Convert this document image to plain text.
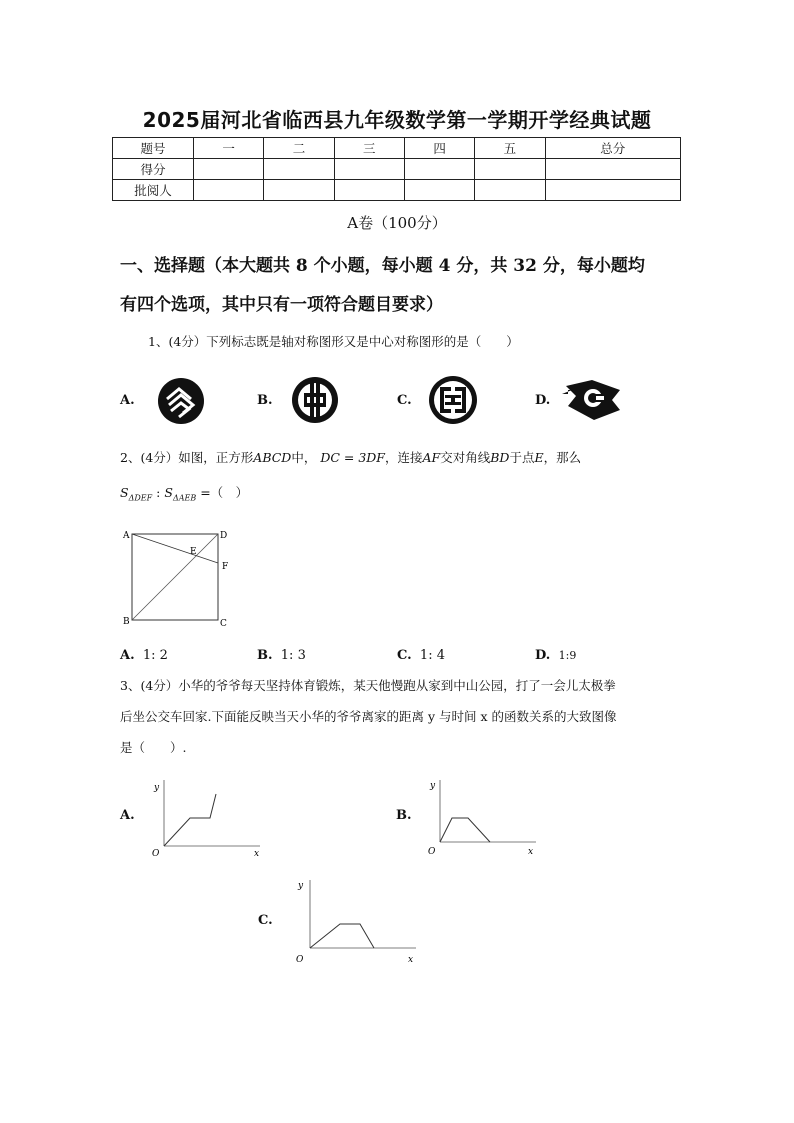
2025届河北省临西县九年级数学第一学期开学经典试题
题号	一	二	三	四	五	总分
得分						
批阅人						
A卷（100分）
一、选择题（本大题共 8 个小题，每小题 4 分，共 32 分，每小题均
有四个选项，其中只有一项符合题目要求）
1、(4分）下列标志既是轴对称图形又是中心对称图形的是（　　）
A.	B.	C.	D.
2、(4分）如图，正方形ABCD中， DC = 3DF，连接AF交对角线BD于点E，那么
$S_{\Delta DEF}$ : $S_{\Delta AEB}$ =（　）
A	D
E
F
B	C
A. 1: 2	B. 1: 3	C. 1: 4	D. 1:9
3、(4分）小华的爷爷每天坚持体育锻炼，某天他慢跑从家到中山公园，打了一会儿太极拳
后坐公交车回家.下面能反映当天小华的爷爷离家的距离 y 与时间 x 的函数关系的大致图像
是（　　）.
A.
y
x
O
B.
y
x
O
C.
y
x
O
